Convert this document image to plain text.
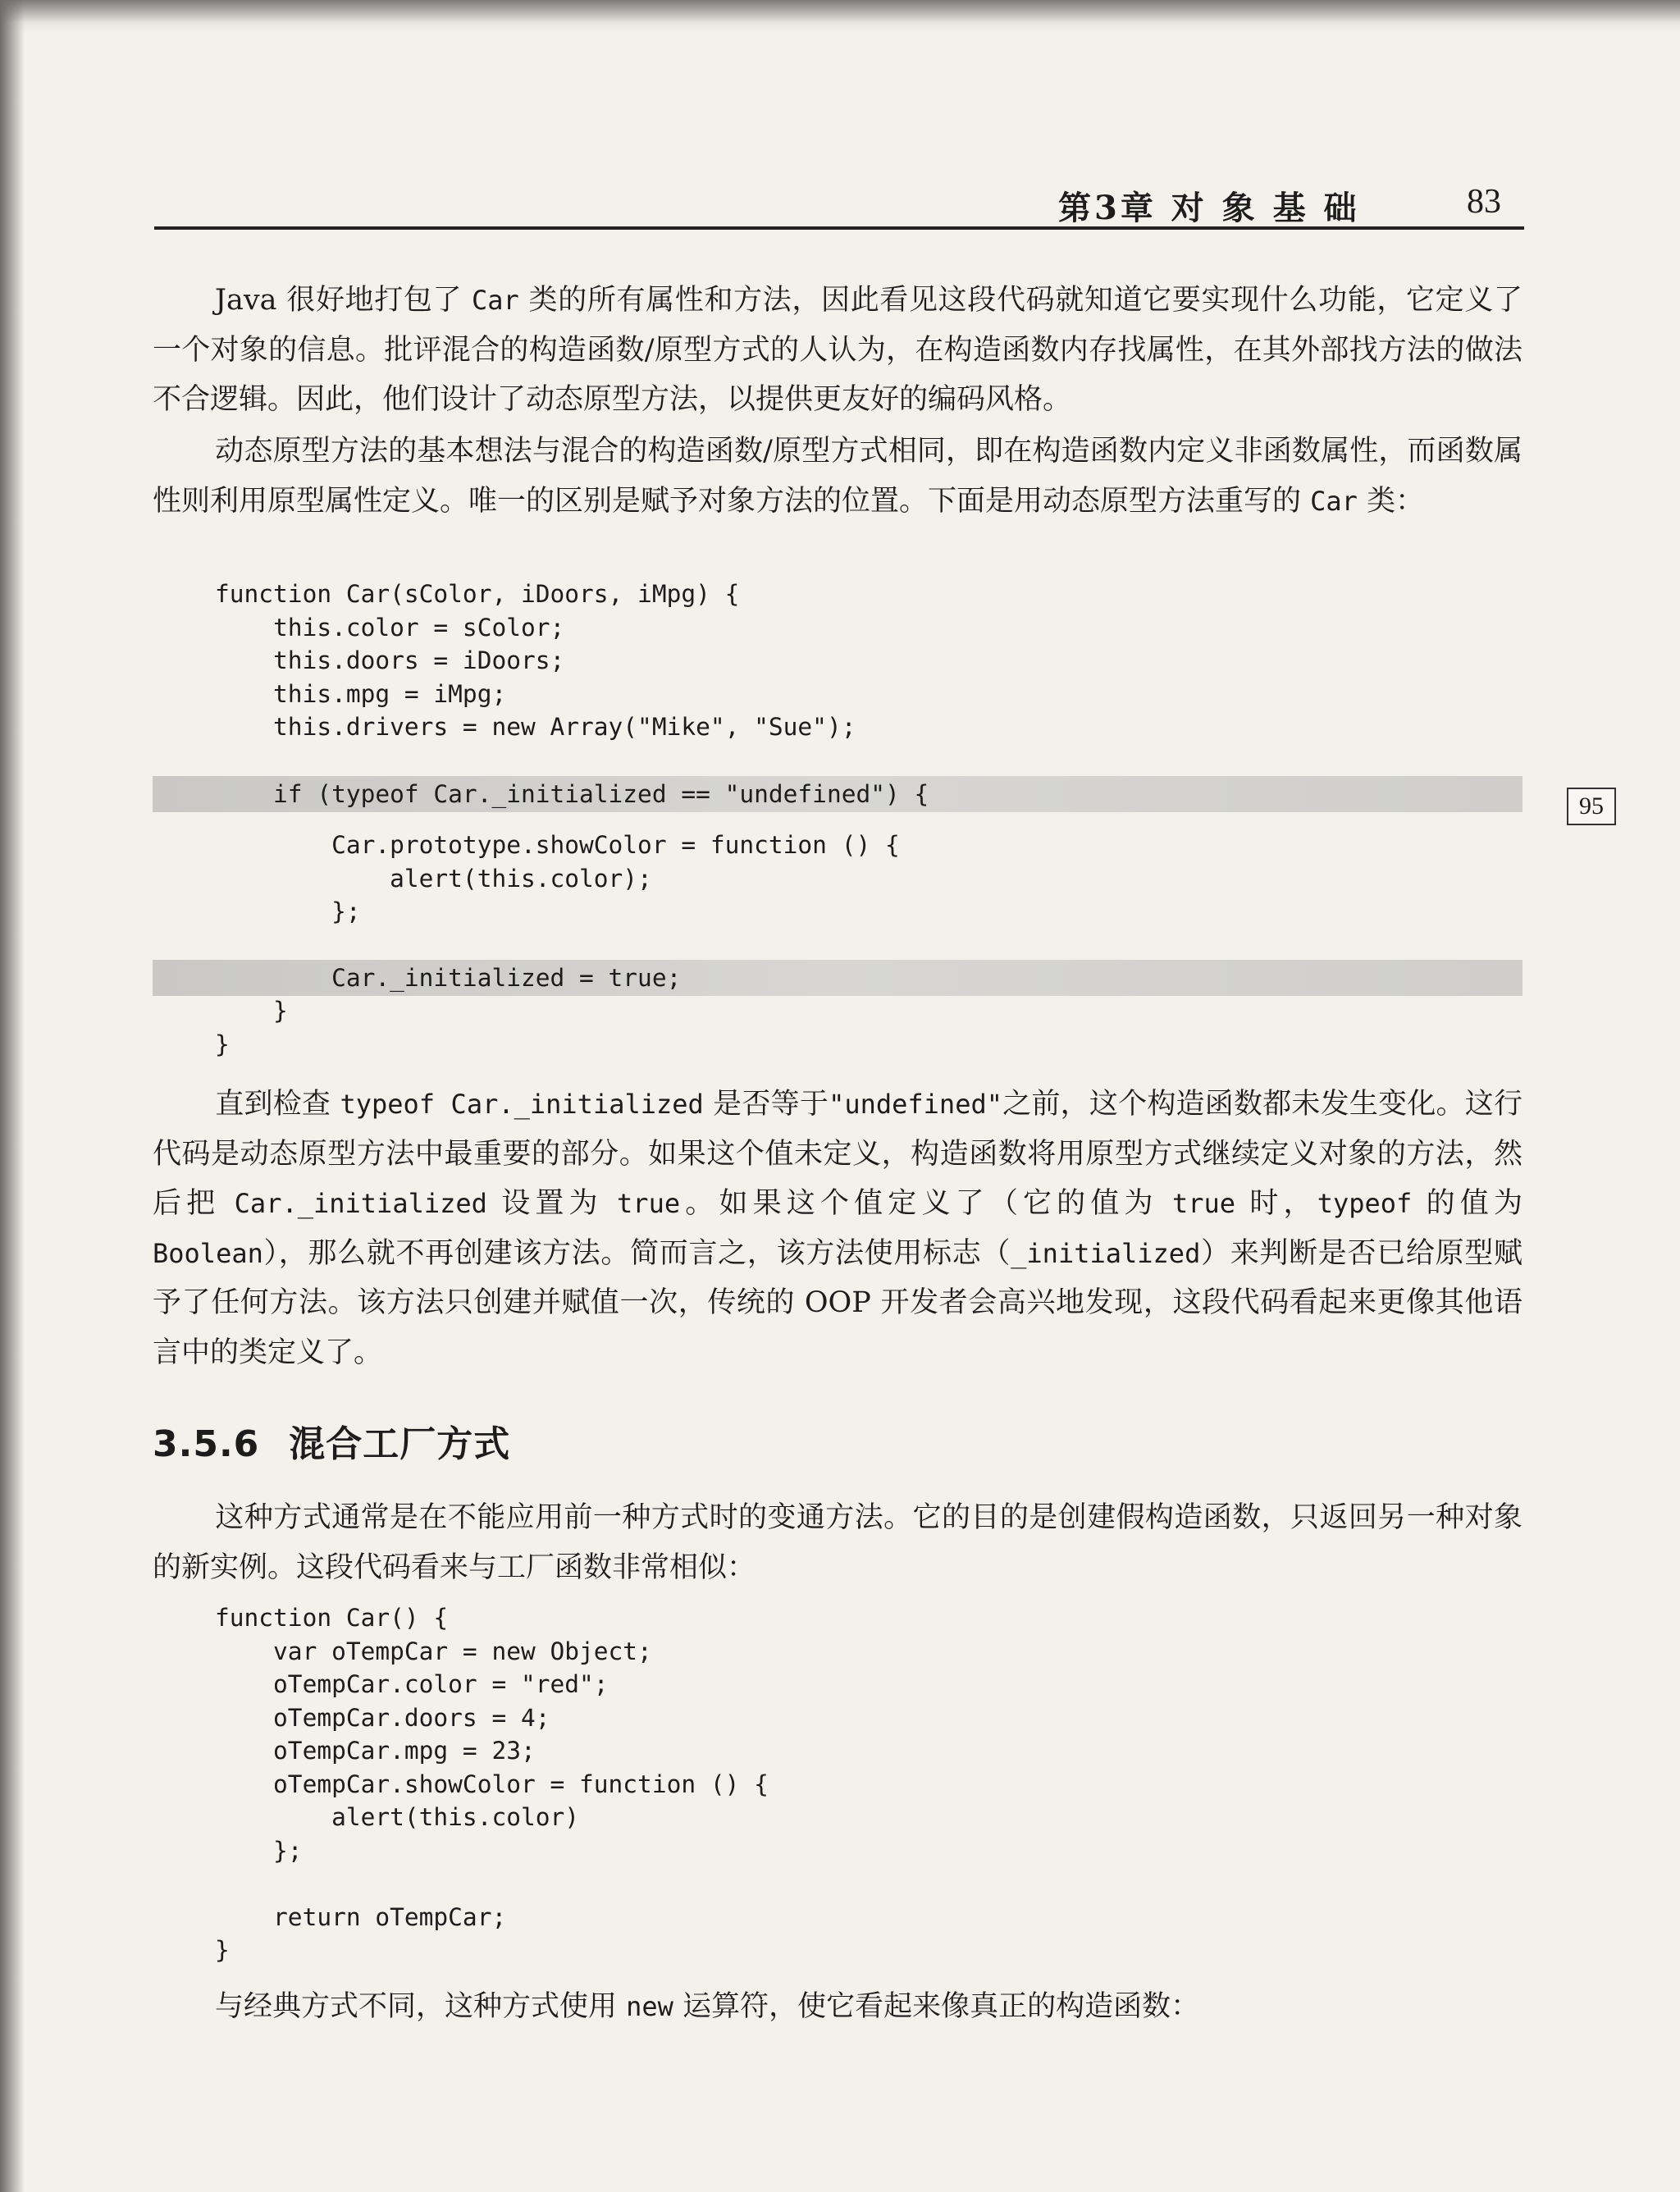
第3章 对 象 基 础	83
95
Java 很好地打包了 Car 类的所有属性和方法，因此看见这段代码就知道它要实现什么功能，它定义了一个对象的信息。批评混合的构造函数/原型方式的人认为，在构造函数内存找属性，在其外部找方法的做法不合逻辑。因此，他们设计了动态原型方法，以提供更友好的编码风格。
动态原型方法的基本想法与混合的构造函数/原型方式相同，即在构造函数内定义非函数属性，而函数属性则利用原型属性定义。唯一的区别是赋予对象方法的位置。下面是用动态原型方法重写的 Car 类：
function Car(sColor, iDoors, iMpg) {
this.color = sColor;
this.doors = iDoors;
this.mpg = iMpg;
this.drivers = new Array("Mike", "Sue");
if (typeof Car._initialized == "undefined") {
Car.prototype.showColor = function () {
alert(this.color);
};
Car._initialized = true;
}
}
直到检查 typeof Car._initialized 是否等于"undefined"之前，这个构造函数都未发生变化。这行代码是动态原型方法中最重要的部分。如果这个值未定义，构造函数将用原型方式继续定义对象的方法，然后把 Car._initialized 设置为 true。如果这个值定义了（它的值为 true 时，typeof 的值为 Boolean），那么就不再创建该方法。简而言之，该方法使用标志（_initialized）来判断是否已给原型赋予了任何方法。该方法只创建并赋值一次，传统的 OOP 开发者会高兴地发现，这段代码看起来更像其他语言中的类定义了。
3.5.6 混合工厂方式
这种方式通常是在不能应用前一种方式时的变通方法。它的目的是创建假构造函数，只返回另一种对象的新实例。这段代码看来与工厂函数非常相似：
function Car() {
var oTempCar = new Object;
oTempCar.color = "red";
oTempCar.doors = 4;
oTempCar.mpg = 23;
oTempCar.showColor = function () {
alert(this.color)
};

return oTempCar;
}
与经典方式不同，这种方式使用 new 运算符，使它看起来像真正的构造函数：
